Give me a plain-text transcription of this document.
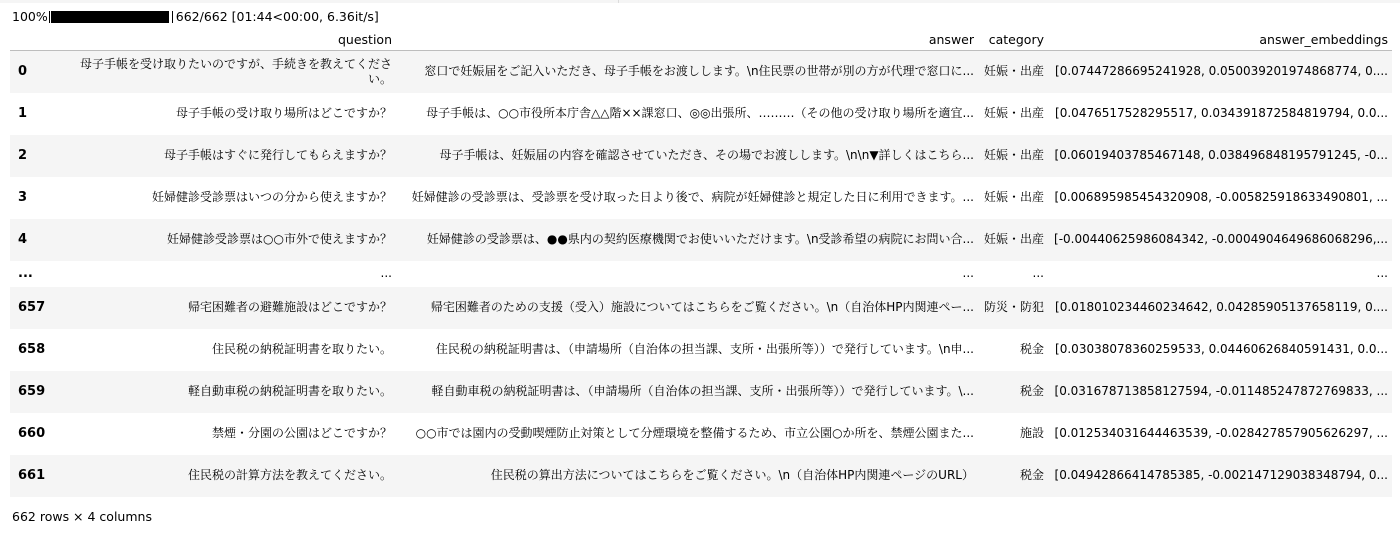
100%	662/662 [01:44<00:00, 6.36it/s]
	question	answer	category	answer_embeddings
0	母子手帳を受け取りたいのですが、手続きを教えてください。	窓口で妊娠届をご記入いただき、母子手帳をお渡しします。\n住民票の世帯が別の方が代理で窓口に...	妊娠・出産	[0.07447286695241928, 0.050039201974868774, 0....
1	母子手帳の受け取り場所はどこですか？	母子手帳は、○○市役所本庁舎△△階××課窓口、◎◎出張所、………（その他の受け取り場所を適宜...	妊娠・出産	[0.0476517528295517, 0.034391872584819794, 0.0...
2	母子手帳はすぐに発行してもらえますか？	母子手帳は、妊娠届の内容を確認させていただき、その場でお渡しします。\n\n▼詳しくはこちら...	妊娠・出産	[0.06019403785467148, 0.038496848195791245, -0...
3	妊婦健診受診票はいつの分から使えますか？	妊婦健診の受診票は、受診票を受け取った日より後で、病院が妊婦健診と規定した日に利用できます。...	妊娠・出産	[0.006895985454320908, -0.005825918633490801, ...
4	妊婦健診受診票は○○市外で使えますか？	妊婦健診の受診票は、●●県内の契約医療機関でお使いいただけます。\n受診希望の病院にお問い合...	妊娠・出産	[-0.00440625986084342, -0.0004904649686068296,...
...	...	...	...	...
657	帰宅困難者の避難施設はどこですか？	帰宅困難者のための支援（受入）施設についてはこちらをご覧ください。\n（自治体HP内関連ペー...	防災・防犯	[0.018010234460234642, 0.04285905137658119, 0....
658	住民税の納税証明書を取りたい。	住民税の納税証明書は、（申請場所（自治体の担当課、支所・出張所等））で発行しています。\n申...	税金	[0.03038078360259533, 0.04460626840591431, 0.0...
659	軽自動車税の納税証明書を取りたい。	軽自動車税の納税証明書は、（申請場所（自治体の担当課、支所・出張所等））で発行しています。\...	税金	[0.031678713858127594, -0.011485247872769833, ...
660	禁煙・分園の公園はどこですか？	○○市では園内の受動喫煙防止対策として分煙環境を整備するため、市立公園○か所を、禁煙公園また...	施設	[0.012534031644463539, -0.028427857905626297, ...
661	住民税の計算方法を教えてください。	住民税の算出方法についてはこちらをご覧ください。\n（自治体HP内関連ページのURL）	税金	[0.04942866414785385, -0.002147129038348794, 0...
662 rows × 4 columns
